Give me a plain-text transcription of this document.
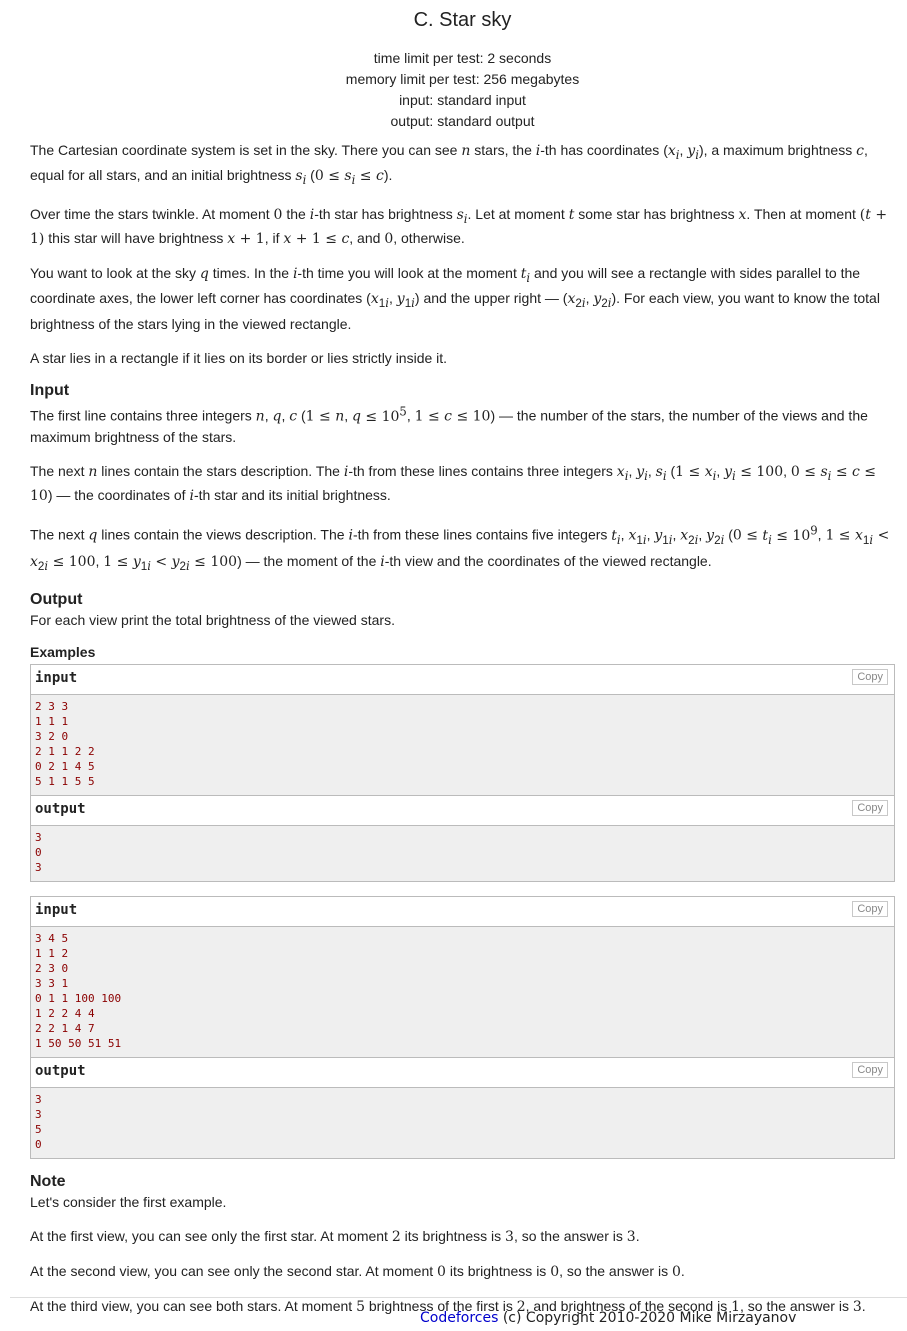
C. Star sky
time limit per test: 2 seconds
memory limit per test: 256 megabytes
input: standard input
output: standard output

The Cartesian coordinate system is set in the sky. There you can see n stars, the i-th has coordinates ($x_i$, $y_i$), a maximum brightness c, equal for all stars, and an initial brightness $s_i$ $(0 \le s_i \le c)$.

Over time the stars twinkle. At moment 0 the i-th star has brightness $s_i$. Let at moment t some star has brightness x. Then at moment (t + 1) this star will have brightness x + 1, if x + 1 ≤ c, and 0, otherwise.

You want to look at the sky q times. In the i-th time you will look at the moment $t_i$ and you will see a rectangle with sides parallel to the coordinate axes, the lower left corner has coordinates ($x_{1i}$, $y_{1i}$) and the upper right — ($x_{2i}$, $y_{2i}$). For each view, you want to know the total brightness of the stars lying in the viewed rectangle.

A star lies in a rectangle if it lies on its border or lies strictly inside it.

Input

The first line contains three integers n, q, c (1 ≤ n, $q \le 10^5$, 1 ≤ c ≤ 10) — the number of the stars, the number of the views and the maximum brightness of the stars.

The next n lines contain the stars description. The i-th from these lines contains three integers $x_i$, $y_i$, $s_i$ ($1 \le x_i$, $y_i \le 100$, $0 \le s_i \le c \le 10$) — the coordinates of i-th star and its initial brightness.

The next q lines contain the views description. The i-th from these lines contains five integers $t_i$, $x_{1i}$, $y_{1i}$, $x_{2i}$, $y_{2i}$ ($0 \le t_i \le 10^9$, $1 \le x_{1i} < x_{2i} \le 100$, $1 \le y_{1i} < y_{2i} \le 100$) — the moment of the i-th view and the coordinates of the viewed rectangle.

Output

For each view print the total brightness of the viewed stars.

Examples
input	Copy
2 3 3
1 1 1
3 2 0
2 1 1 2 2
0 2 1 4 5
5 1 1 5 5
output	Copy
3
0
3
input	Copy
3 4 5
1 1 2
2 3 0
3 3 1
0 1 1 100 100
1 2 2 4 4
2 2 1 4 7
1 50 50 51 51
output	Copy
3
3
5
0
Note

Let's consider the first example.

At the first view, you can see only the first star. At moment 2 its brightness is 3, so the answer is 3.

At the second view, you can see only the second star. At moment 0 its brightness is 0, so the answer is 0.

At the third view, you can see both stars. At moment 5 brightness of the first is 2, and brightness of the second is 1, so the answer is 3.

Codeforces (c) Copyright 2010-2020 Mike Mirzayanov
